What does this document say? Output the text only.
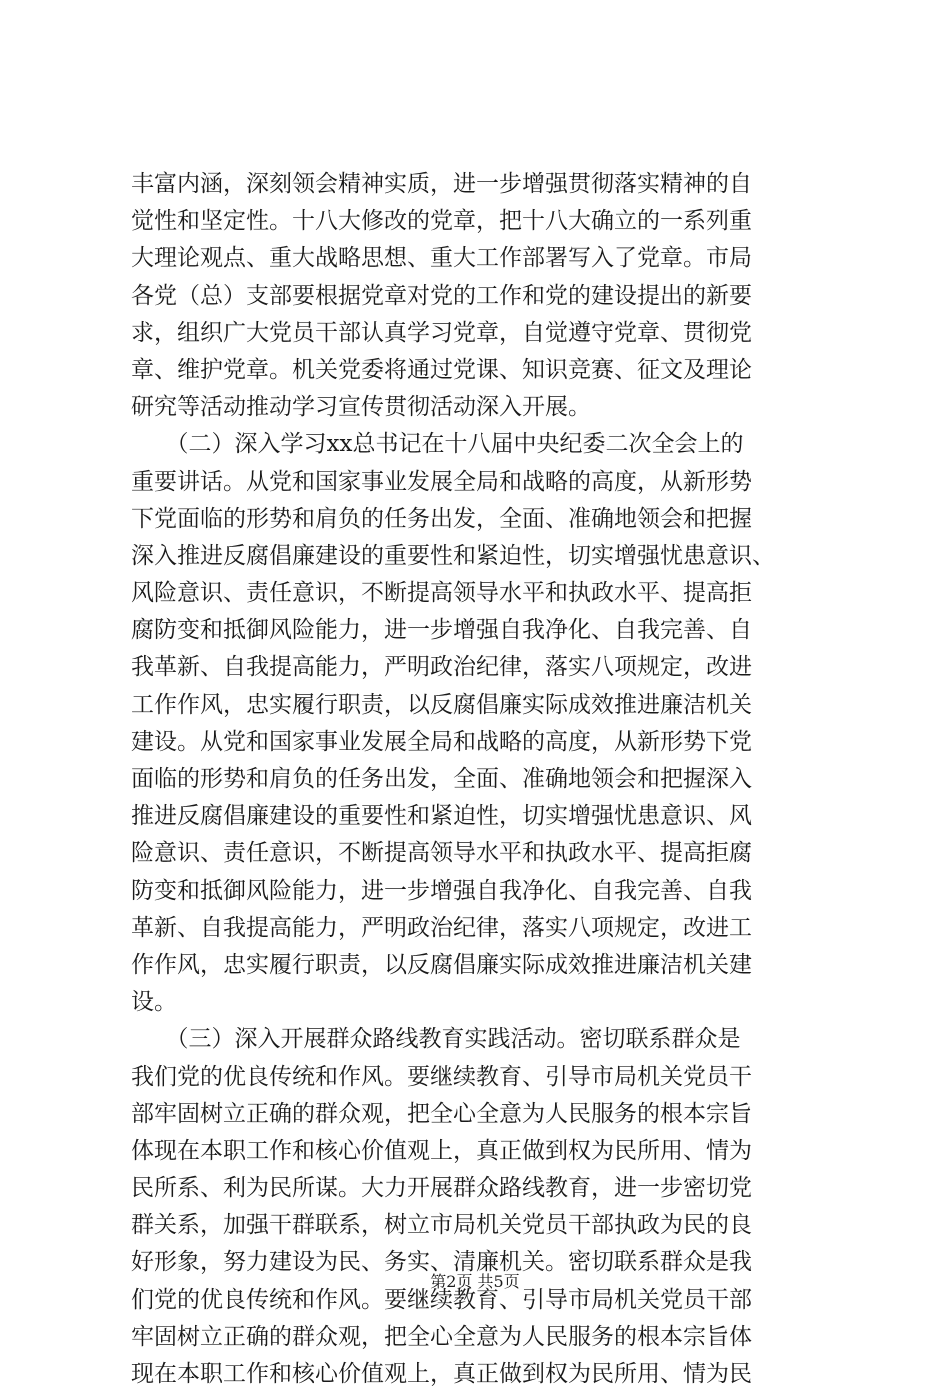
丰富内涵，深刻领会精神实质，进一步增强贯彻落实精神的自
觉性和坚定性。十八大修改的党章，把十八大确立的一系列重
大理论观点、重大战略思想、重大工作部署写入了党章。市局
各党（总）支部要根据党章对党的工作和党的建设提出的新要
求，组织广大党员干部认真学习党章，自觉遵守党章、贯彻党
章、维护党章。机关党委将通过党课、知识竞赛、征文及理论
研究等活动推动学习宣传贯彻活动深入开展。
　　（二）深入学习xx总书记在十八届中央纪委二次全会上的
重要讲话。从党和国家事业发展全局和战略的高度，从新形势
下党面临的形势和肩负的任务出发，全面、准确地领会和把握
深入推进反腐倡廉建设的重要性和紧迫性，切实增强忧患意识、
风险意识、责任意识，不断提高领导水平和执政水平、提高拒
腐防变和抵御风险能力，进一步增强自我净化、自我完善、自
我革新、自我提高能力，严明政治纪律，落实八项规定，改进
工作作风，忠实履行职责，以反腐倡廉实际成效推进廉洁机关
建设。从党和国家事业发展全局和战略的高度，从新形势下党
面临的形势和肩负的任务出发，全面、准确地领会和把握深入
推进反腐倡廉建设的重要性和紧迫性，切实增强忧患意识、风
险意识、责任意识，不断提高领导水平和执政水平、提高拒腐
防变和抵御风险能力，进一步增强自我净化、自我完善、自我
革新、自我提高能力，严明政治纪律，落实八项规定，改进工
作作风，忠实履行职责，以反腐倡廉实际成效推进廉洁机关建
设。
　　（三）深入开展群众路线教育实践活动。密切联系群众是
我们党的优良传统和作风。要继续教育、引导市局机关党员干
部牢固树立正确的群众观，把全心全意为人民服务的根本宗旨
体现在本职工作和核心价值观上，真正做到权为民所用、情为
民所系、利为民所谋。大力开展群众路线教育，进一步密切党
群关系，加强干群联系，树立市局机关党员干部执政为民的良
好形象，努力建设为民、务实、清廉机关。密切联系群众是我
们党的优良传统和作风。要继续教育、引导市局机关党员干部
牢固树立正确的群众观，把全心全意为人民服务的根本宗旨体
现在本职工作和核心价值观上，真正做到权为民所用、情为民
第2页 共5页
